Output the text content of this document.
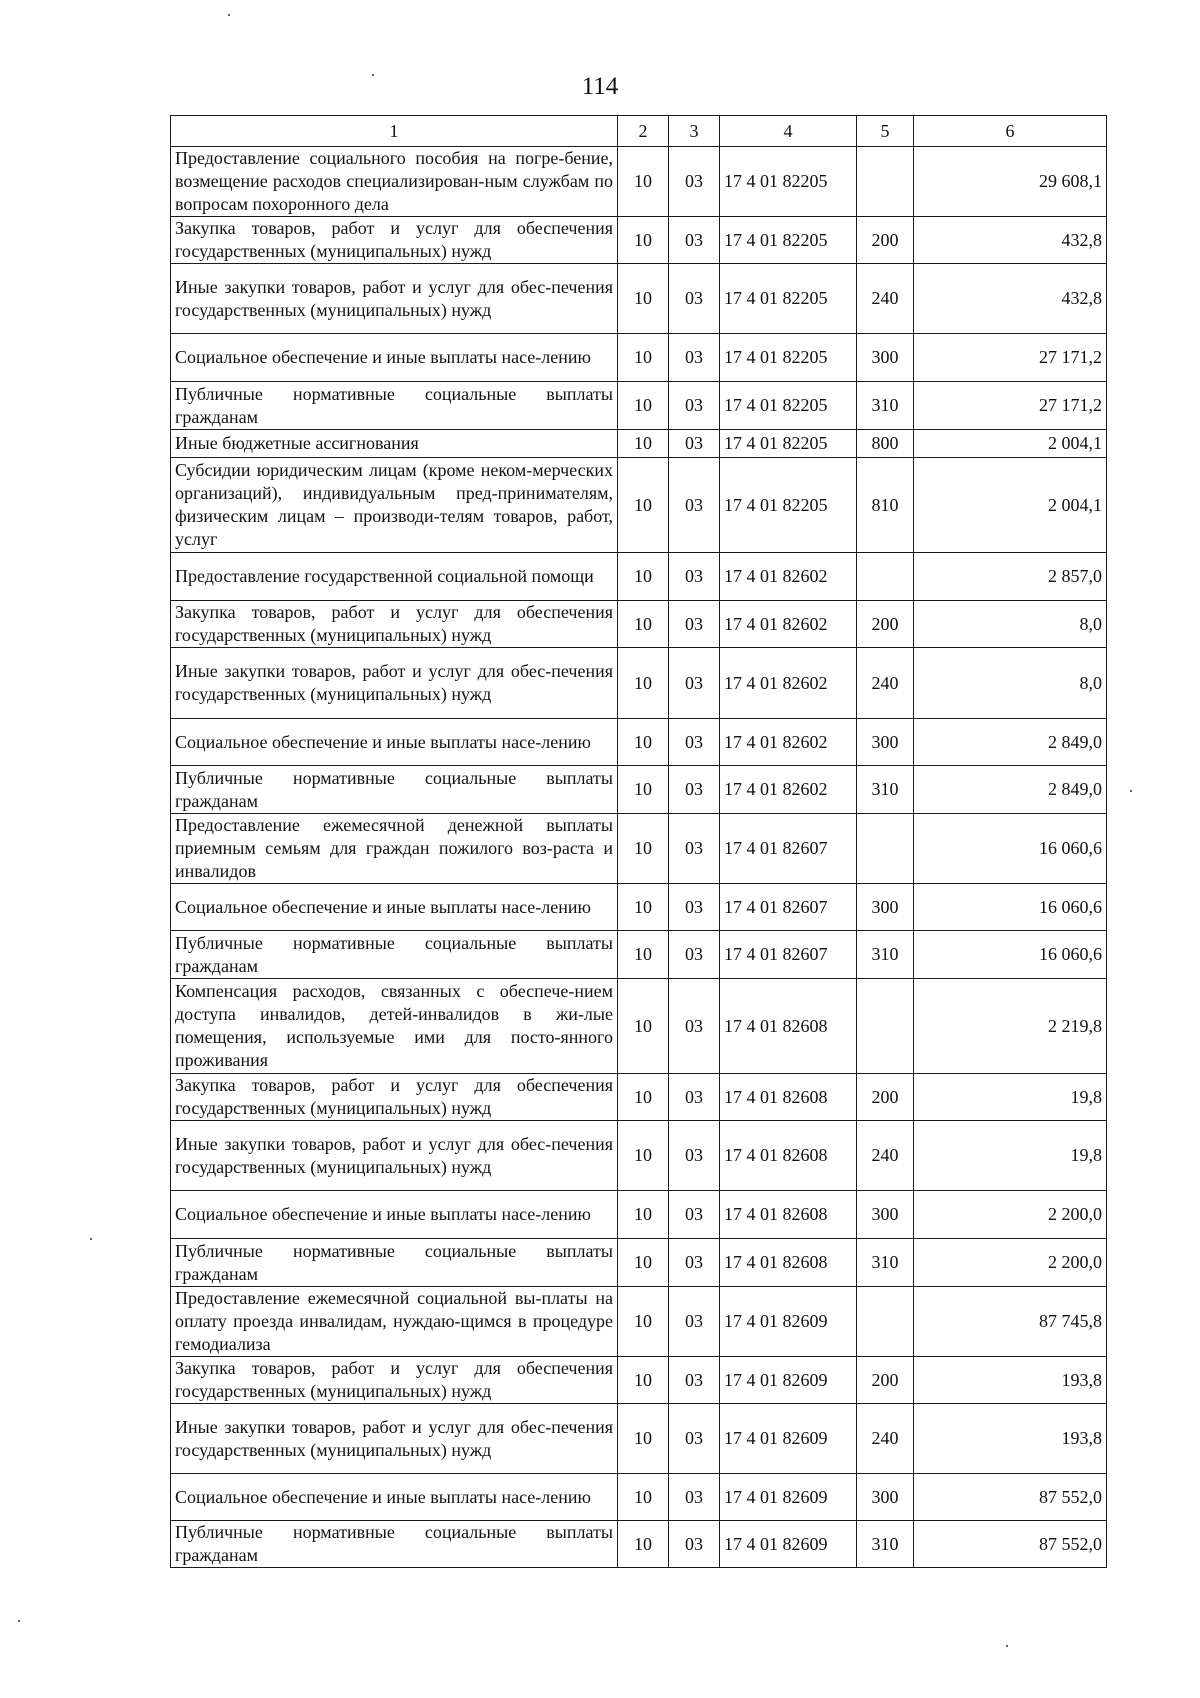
114
1	2	3	4	5	6
Предоставление социального пособия на погре-бение, возмещение расходов специализирован-ным службам по вопросам похоронного дела	10	03	17 4 01 82205		29 608,1
Закупка товаров, работ и услуг для обеспечения государственных (муниципальных) нужд	10	03	17 4 01 82205	200	432,8
Иные закупки товаров, работ и услуг для обес-печения государственных (муниципальных) нужд	10	03	17 4 01 82205	240	432,8
Социальное обеспечение и иные выплаты насе-лению	10	03	17 4 01 82205	300	27 171,2
Публичные нормативные социальные выплаты гражданам	10	03	17 4 01 82205	310	27 171,2
Иные бюджетные ассигнования	10	03	17 4 01 82205	800	2 004,1
Субсидии юридическим лицам (кроме неком-мерческих организаций), индивидуальным пред-принимателям, физическим лицам – производи-телям товаров, работ, услуг	10	03	17 4 01 82205	810	2 004,1
Предоставление государственной социальной помощи	10	03	17 4 01 82602		2 857,0
Закупка товаров, работ и услуг для обеспечения государственных (муниципальных) нужд	10	03	17 4 01 82602	200	8,0
Иные закупки товаров, работ и услуг для обес-печения государственных (муниципальных) нужд	10	03	17 4 01 82602	240	8,0
Социальное обеспечение и иные выплаты насе-лению	10	03	17 4 01 82602	300	2 849,0
Публичные нормативные социальные выплаты гражданам	10	03	17 4 01 82602	310	2 849,0
Предоставление ежемесячной денежной выплаты приемным семьям для граждан пожилого воз-раста и инвалидов	10	03	17 4 01 82607		16 060,6
Социальное обеспечение и иные выплаты насе-лению	10	03	17 4 01 82607	300	16 060,6
Публичные нормативные социальные выплаты гражданам	10	03	17 4 01 82607	310	16 060,6
Компенсация расходов, связанных с обеспече-нием доступа инвалидов, детей-инвалидов в жи-лые помещения, используемые ими для посто-янного проживания	10	03	17 4 01 82608		2 219,8
Закупка товаров, работ и услуг для обеспечения государственных (муниципальных) нужд	10	03	17 4 01 82608	200	19,8
Иные закупки товаров, работ и услуг для обес-печения государственных (муниципальных) нужд	10	03	17 4 01 82608	240	19,8
Социальное обеспечение и иные выплаты насе-лению	10	03	17 4 01 82608	300	2 200,0
Публичные нормативные социальные выплаты гражданам	10	03	17 4 01 82608	310	2 200,0
Предоставление ежемесячной социальной вы-платы на оплату проезда инвалидам, нуждаю-щимся в процедуре гемодиализа	10	03	17 4 01 82609		87 745,8
Закупка товаров, работ и услуг для обеспечения государственных (муниципальных) нужд	10	03	17 4 01 82609	200	193,8
Иные закупки товаров, работ и услуг для обес-печения государственных (муниципальных) нужд	10	03	17 4 01 82609	240	193,8
Социальное обеспечение и иные выплаты насе-лению	10	03	17 4 01 82609	300	87 552,0
Публичные нормативные социальные выплаты гражданам	10	03	17 4 01 82609	310	87 552,0
